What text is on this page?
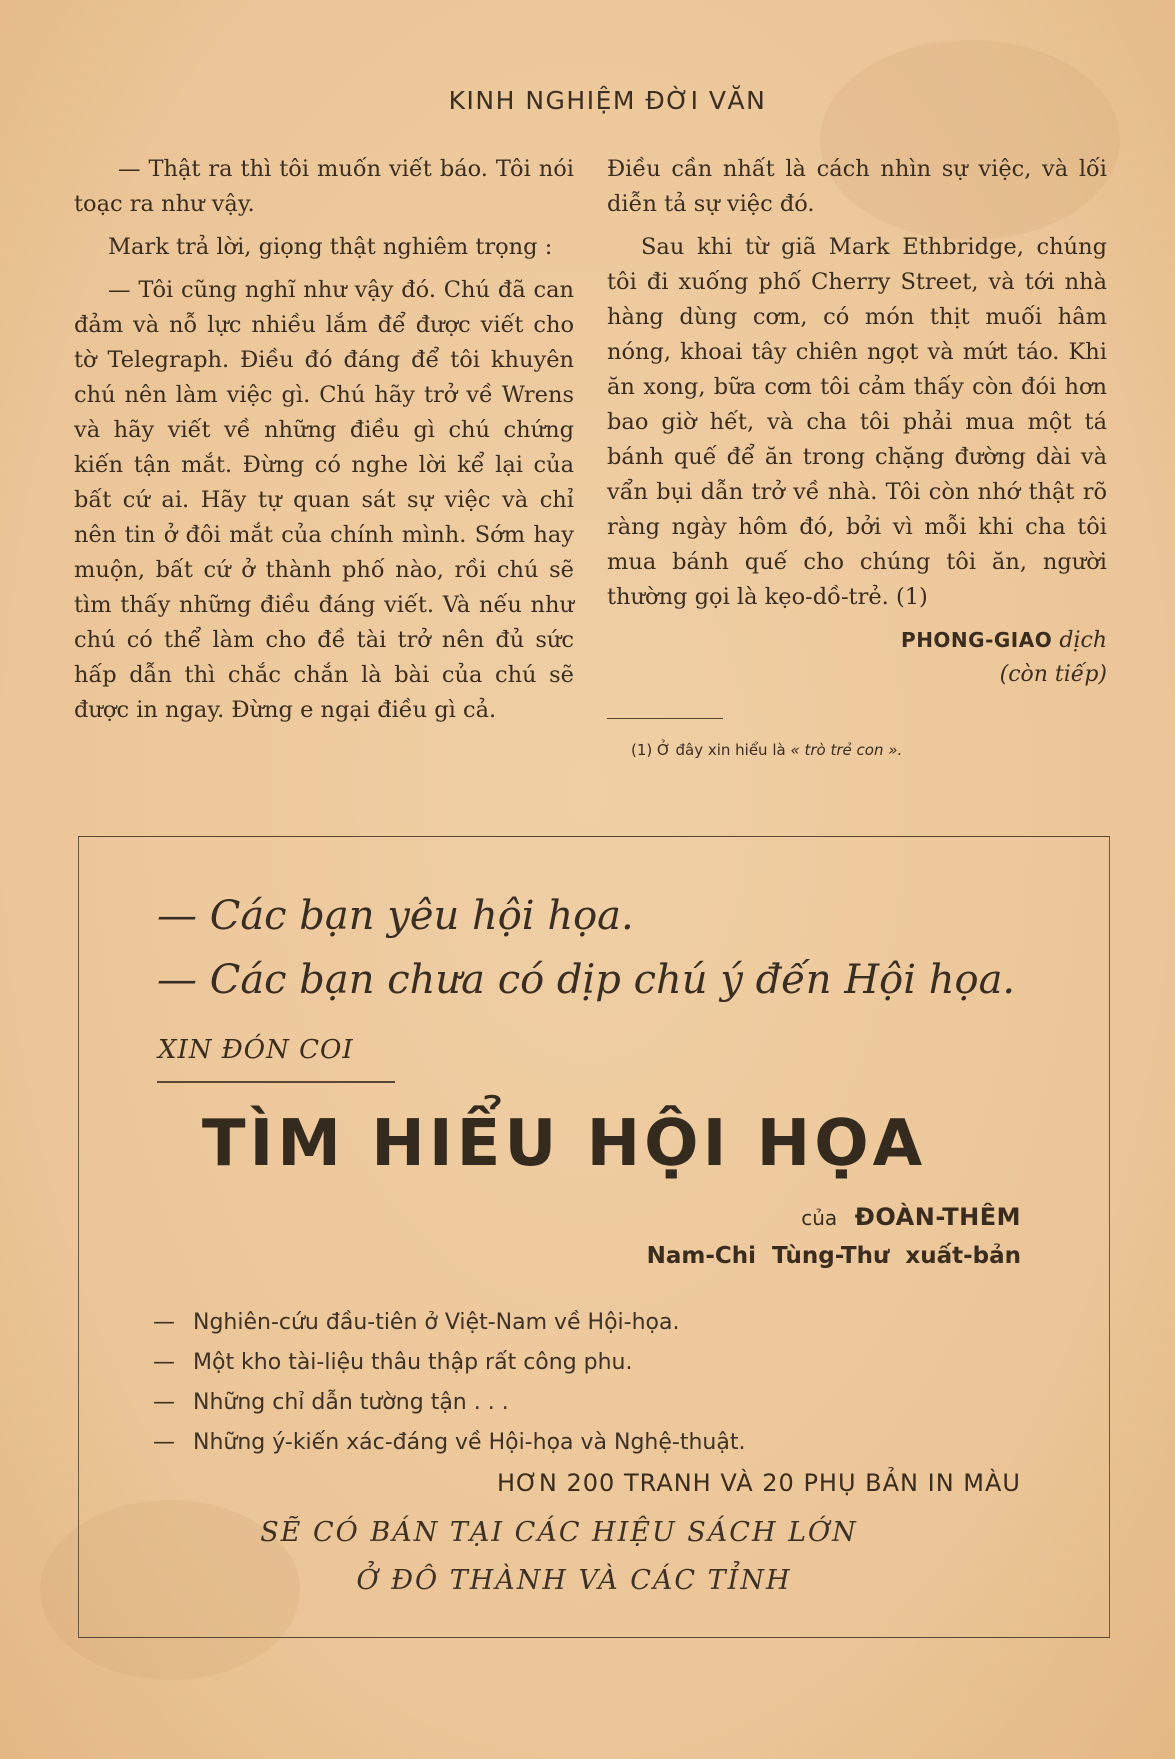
KINH NGHIỆM ĐỜI VĂN

— Thật ra thì tôi muốn viết báo. Tôi nói toạc ra như vậy.

Mark trả lời, giọng thật nghiêm trọng :

— Tôi cũng nghĩ như vậy đó. Chú đã can đảm và nỗ lực nhiều lắm để được viết cho tờ Telegraph. Điều đó đáng để tôi khuyên chú nên làm việc gì. Chú hãy trở về Wrens và hãy viết về những điều gì chú chứng kiến tận mắt. Đừng có nghe lời kể lại của bất cứ ai. Hãy tự quan sát sự việc và chỉ nên tin ở đôi mắt của chính mình. Sớm hay muộn, bất cứ ở thành phố nào, rồi chú sẽ tìm thấy những điều đáng viết. Và nếu như chú có thể làm cho đề tài trở nên đủ sức hấp dẫn thì chắc chắn là bài của chú sẽ được in ngay. Đừng e ngại điều gì cả.

Điều cần nhất là cách nhìn sự việc, và lối diễn tả sự việc đó.

Sau khi từ giã Mark Ethbridge, chúng tôi đi xuống phố Cherry Street, và tới nhà hàng dùng cơm, có món thịt muối hâm nóng, khoai tây chiên ngọt và mứt táo. Khi ăn xong, bữa cơm tôi cảm thấy còn đói hơn bao giờ hết, và cha tôi phải mua một tá bánh quế để ăn trong chặng đường dài và vẩn bụi dẫn trở về nhà. Tôi còn nhớ thật rõ ràng ngày hôm đó, bởi vì mỗi khi cha tôi mua bánh quế cho chúng tôi ăn, người thường gọi là kẹo-dồ-trẻ. (1)

PHONG-GIAO dịch
(còn tiếp)
(1) Ở đây xin hiểu là « trò trẻ con ».
— Các bạn yêu hội họa.
— Các bạn chưa có dịp chú ý đến Hội họa.
XIN ĐÓN COI
TÌM HIỂU HỘI HỌA
của ĐOÀN-THÊM
Nam-Chi Tùng-Thư xuất-bản
— Nghiên-cứu đầu-tiên ở Việt-Nam về Hội-họa.
— Một kho tài-liệu thâu thập rất công phu.
— Những chỉ dẫn tường tận . . .
— Những ý-kiến xác-đáng về Hội-họa và Nghệ-thuật.
HƠN 200 TRANH VÀ 20 PHỤ BẢN IN MÀU
SẼ CÓ BÁN TẠI CÁC HIỆU SÁCH LỚN
Ở ĐÔ THÀNH VÀ CÁC TỈNH
